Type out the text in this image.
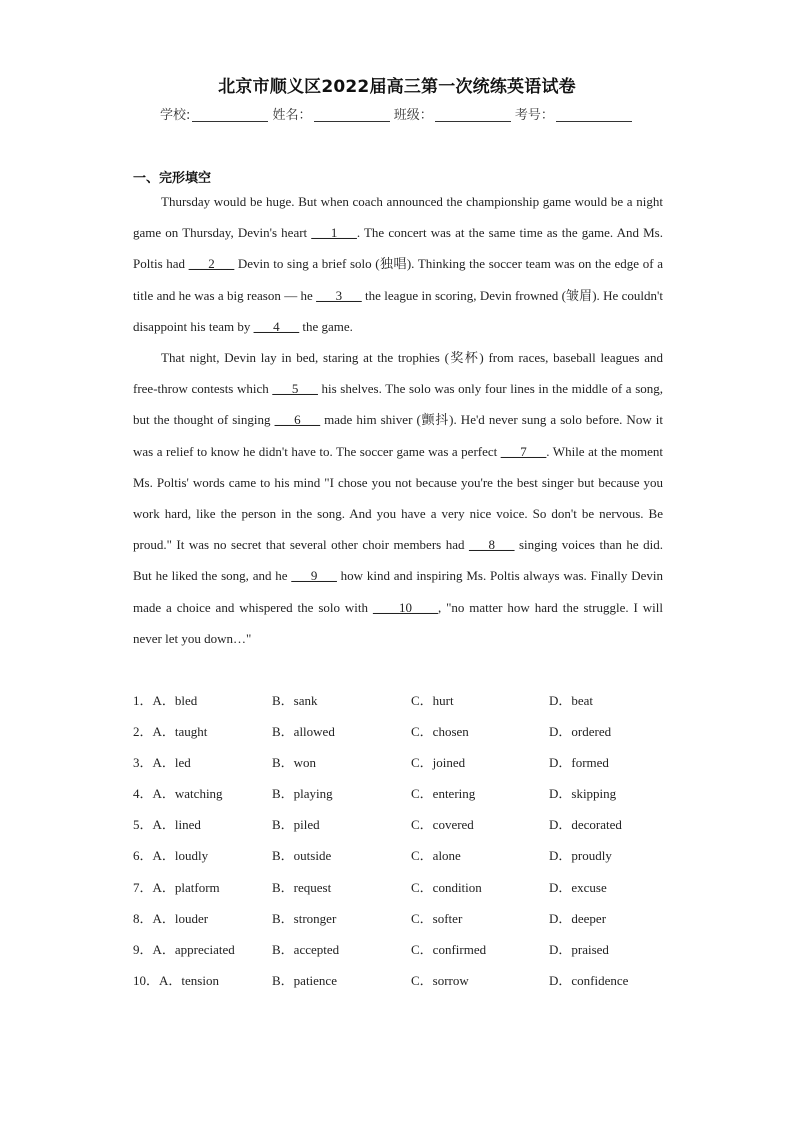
北京市顺义区2022届高三第一次统练英语试卷
学校:	姓名：	班级：	考号：
一、完形填空

Thursday would be huge. But when coach announced the championship game would be a night game on Thursday, Devin's heart ___1___. The concert was at the same time as the game. And Ms. Poltis had ___2___ Devin to sing a brief solo (独唱). Thinking the soccer team was on the edge of a title and he was a big reason — he ___3___ the league in scoring, Devin frowned (皱眉). He couldn't disappoint his team by ___4___ the game.

That night, Devin lay in bed, staring at the trophies (奖杯) from races, baseball leagues and free-throw contests which ___5___ his shelves. The solo was only four lines in the middle of a song, but the thought of singing ___6___ made him shiver (颤抖). He'd never sung a solo before. Now it was a relief to know he didn't have to. The soccer game was a perfect ___7___. While at the moment Ms. Poltis' words came to his mind "I chose you not because you're the best singer but because you work hard, like the person in the song. And you have a very nice voice. So don't be nervous. Be proud." It was no secret that several other choir members had ___8___ singing voices than he did. But he liked the song, and he ___9___ how kind and inspiring Ms. Poltis always was. Finally Devin made a choice and whispered the solo with ____10____, "no matter how hard the struggle. I will never let you down…"

1．A．bled	B．sank	C．hurt	D．beat
2．A．taught	B．allowed	C．chosen	D．ordered
3．A．led	B．won	C．joined	D．formed
4．A．watching	B．playing	C．entering	D．skipping
5．A．lined	B．piled	C．covered	D．decorated
6．A．loudly	B．outside	C．alone	D．proudly
7．A．platform	B．request	C．condition	D．excuse
8．A．louder	B．stronger	C．softer	D．deeper
9．A．appreciated	B．accepted	C．confirmed	D．praised
10．A．tension	B．patience	C．sorrow	D．confidence
